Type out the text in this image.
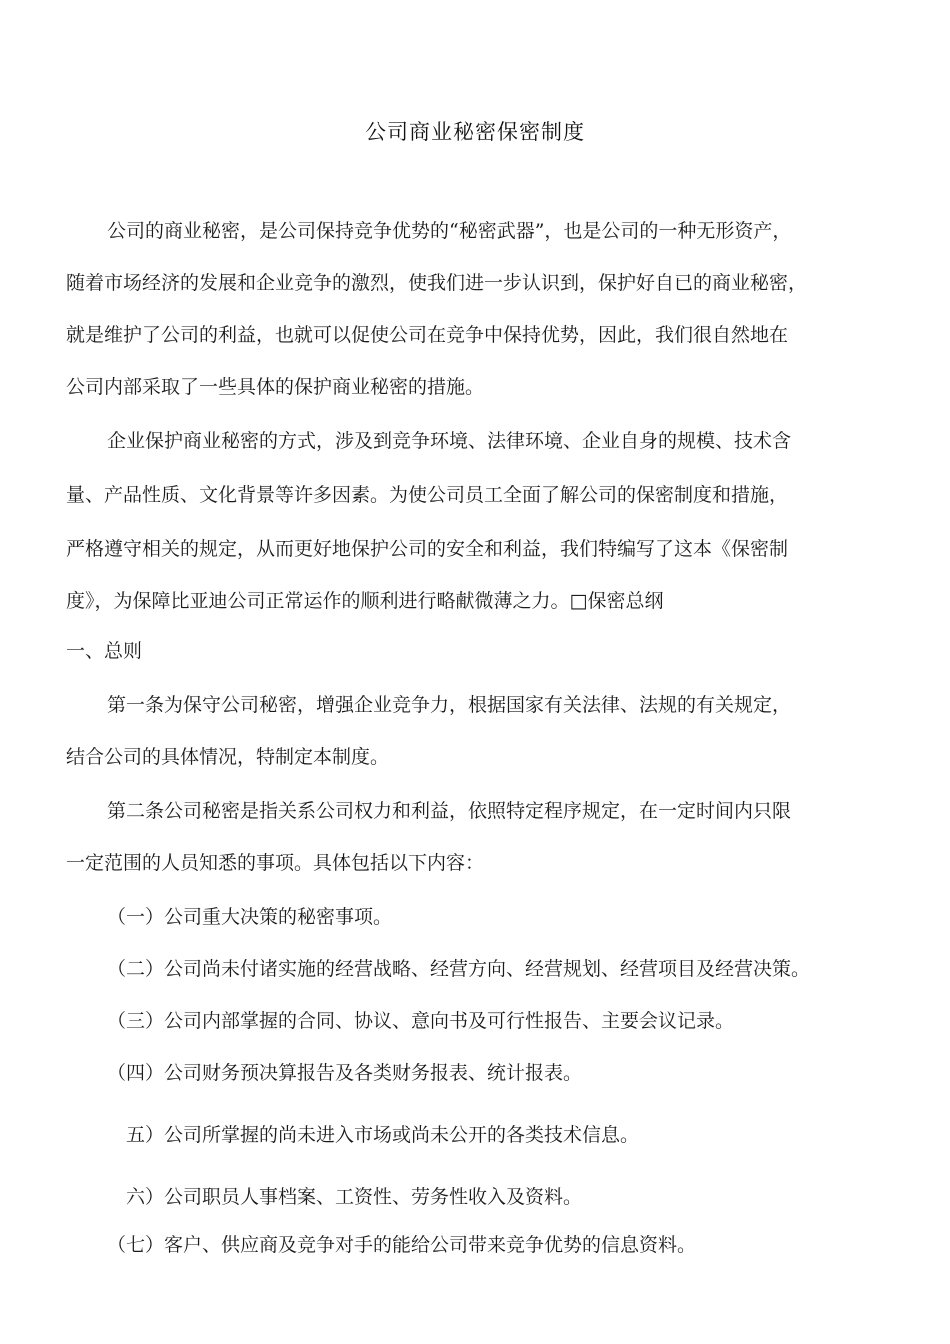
公司商业秘密保密制度
公司的商业秘密，是公司保持竞争优势的“秘密武器”，也是公司的一种无形资产，
随着市场经济的发展和企业竞争的激烈，使我们进一步认识到，保护好自已的商业秘密，
就是维护了公司的利益，也就可以促使公司在竞争中保持优势，因此，我们很自然地在
公司内部采取了一些具体的保护商业秘密的措施。
企业保护商业秘密的方式，涉及到竞争环境、法律环境、企业自身的规模、技术含
量、产品性质、文化背景等许多因素。为使公司员工全面了解公司的保密制度和措施，
严格遵守相关的规定，从而更好地保护公司的安全和利益，我们特编写了这本《保密制
度》，为保障比亚迪公司正常运作的顺利进行略献微薄之力。□保密总纲
一、总则
第一条为保守公司秘密，增强企业竞争力，根据国家有关法律、法规的有关规定，
结合公司的具体情况，特制定本制度。
第二条公司秘密是指关系公司权力和利益，依照特定程序规定，在一定时间内只限
一定范围的人员知悉的事项。具体包括以下内容：
（一）公司重大决策的秘密事项。
（二）公司尚未付诸实施的经营战略、经营方向、经营规划、经营项目及经营决策。
（三）公司内部掌握的合同、协议、意向书及可行性报告、主要会议记录。
（四）公司财务预决算报告及各类财务报表、统计报表。
五）公司所掌握的尚未进入市场或尚未公开的各类技术信息。
六）公司职员人事档案、工资性、劳务性收入及资料。
（七）客户、供应商及竞争对手的能给公司带来竞争优势的信息资料。
